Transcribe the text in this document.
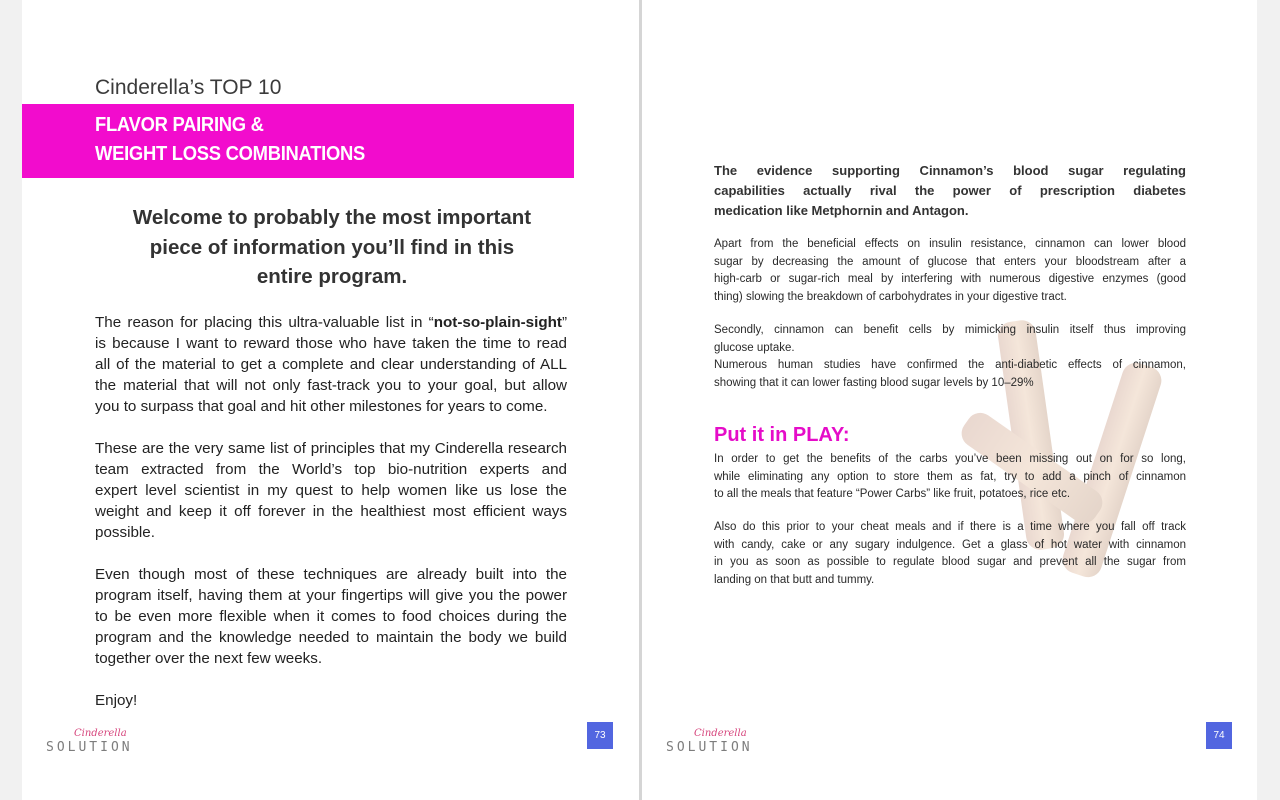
Cinderella’s TOP 10
FLAVOR PAIRING &
WEIGHT LOSS COMBINATIONS
Welcome to probably the most important
piece of information you’ll find in this
entire program.
The reason for placing this ultra-valuable list in “not-so-plain-sight”
is because I want to reward those who have taken the time to read
all of the material to get a complete and clear understanding of ALL
the material that will not only fast-track you to your goal, but allow
you to surpass that goal and hit other milestones for years to come.
These are the very same list of principles that my Cinderella research
team extracted from the World’s top bio-nutrition experts and
expert level scientist in my quest to help women like us lose the
weight and keep it off forever in the healthiest most efficient ways
possible.
Even though most of these techniques are already built into the
program itself, having them at your fingertips will give you the power
to be even more flexible when it comes to food choices during the
program and the knowledge needed to maintain the body we build
together over the next few weeks.
Enjoy!
Cinderella
SOLUTION
73
The evidence supporting Cinnamon’s blood sugar regulating
capabilities actually rival the power of prescription diabetes
medication like Metphornin and Antagon.
Apart from the beneficial effects on insulin resistance, cinnamon can lower blood
sugar by decreasing the amount of glucose that enters your bloodstream after a
high-carb or sugar-rich meal by interfering with numerous digestive enzymes (good
thing) slowing the breakdown of carbohydrates in your digestive tract.
Secondly, cinnamon can benefit cells by mimicking insulin itself thus improving
glucose uptake.
Numerous human studies have confirmed the anti-diabetic effects of cinnamon,
showing that it can lower fasting blood sugar levels by 10–29%
Put it in PLAY:
In order to get the benefits of the carbs you’ve been missing out on for so long,
while eliminating any option to store them as fat, try to add a pinch of cinnamon
to all the meals that feature “Power Carbs” like fruit, potatoes, rice etc.
Also do this prior to your cheat meals and if there is a time where you fall off track
with candy, cake or any sugary indulgence. Get a glass of hot water with cinnamon
in you as soon as possible to regulate blood sugar and prevent all the sugar from
landing on that butt and tummy.
Cinderella
SOLUTION
74
